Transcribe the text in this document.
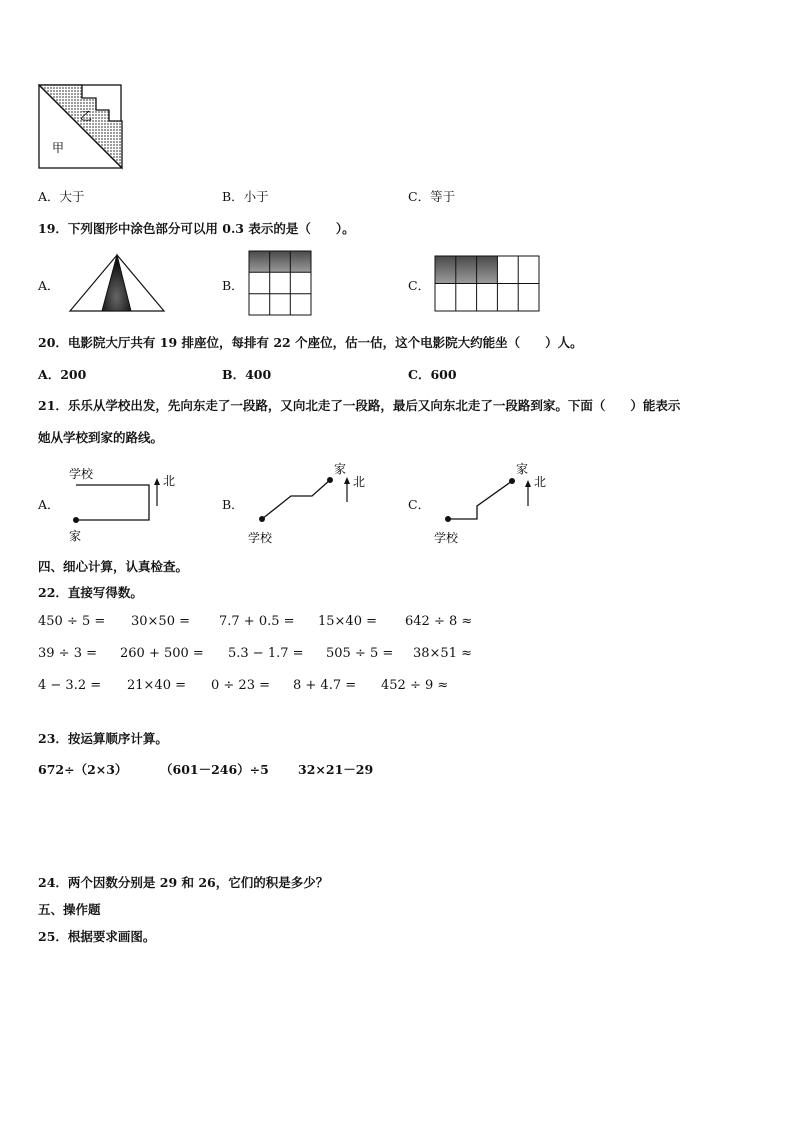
乙
甲
A．大于	B．小于	C．等于
19．下列图形中涂色部分可以用 0.3 表示的是（　　）。
A．	B．	C．
20．电影院大厅共有 19 排座位，每排有 22 个座位，估一估，这个电影院大约能坐（　　）人。
A．200	B．400	C．600
21．乐乐从学校出发，先向东走了一段路，又向北走了一段路，最后又向东北走了一段路到家。下面（　　）能表示
她从学校到家的路线。
A．
学校
家
北
B．
学校
家
北
C．
学校
家
北
四、细心计算，认真检查。
22．直接写得数。
450 ÷ 5 = 30×50 = 7.7 + 0.5 = 15×40 = 642 ÷ 8 ≈
39 ÷ 3 = 260 + 500 = 5.3 − 1.7 = 505 ÷ 5 = 38×51 ≈
4 − 3.2 = 21×40 = 0 ÷ 23 = 8 + 4.7 = 452 ÷ 9 ≈
23．按运算顺序计算。
672÷（2×3）	（601－246）÷5 32×21－29
24．两个因数分别是 29 和 26，它们的积是多少？
五、操作题
25．根据要求画图。
